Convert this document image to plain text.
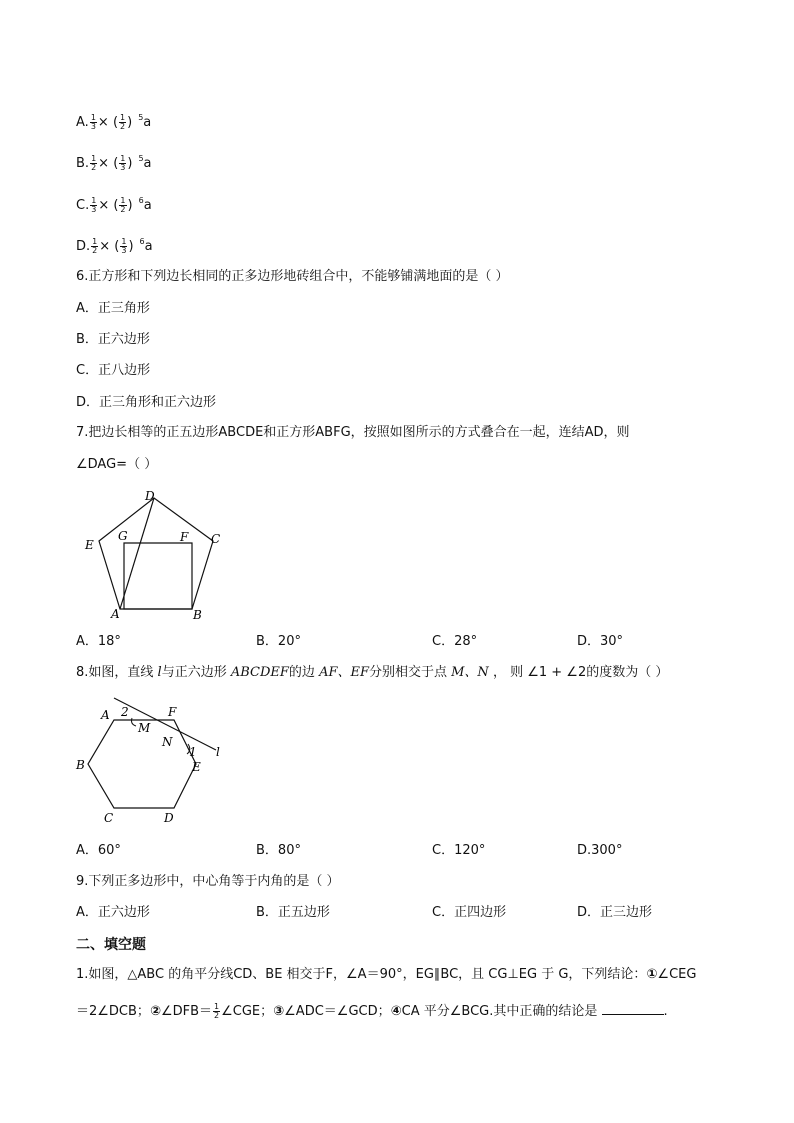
A. $\frac{1}{3}$ × ( $\frac{1}{2}$ ) $^5$a
B. $\frac{1}{2}$ × ( $\frac{1}{3}$ ) $^5$a
C. $\frac{1}{3}$ × ( $\frac{1}{2}$ ) $^6$a
D. $\frac{1}{2}$ × ( $\frac{1}{3}$ ) $^6$a
6.正方形和下列边长相同的正多边形地砖组合中，不能够铺满地面的是（ ）
A．正三角形
B．正六边形
C．正八边形
D．正三角形和正六边形
7.把边长相等的正五边形ABCDE和正方形ABFG，按照如图所示的方式叠合在一起，连结AD，则
∠DAG=（ ）
D
E
G	F C
A	B
A．18°	B．20°	C．28°	D．30°
8.如图，直线 l与正六边形 ABCDEF的边 AF、EF分别相交于点 M、N ， 则 ∠1 + ∠2的度数为（ ）
A 2	F
M
N
1
E
l
B
C	D
A．60°	B．80°	C．120°	D.300°
9.下列正多边形中，中心角等于内角的是（ ）
A．正六边形	B．正五边形	C．正四边形	D．正三边形
二、填空题
1.如图，△ABC 的角平分线CD、BE 相交于F，∠A＝90°，EG∥BC，且 CG⊥EG 于 G，下列结论：①∠CEG
＝2∠DCB；②∠DFB＝ $\frac{1}{2}$ ∠CGE；③∠ADC＝∠GCD；④CA 平分∠BCG.其中正确的结论是	.
